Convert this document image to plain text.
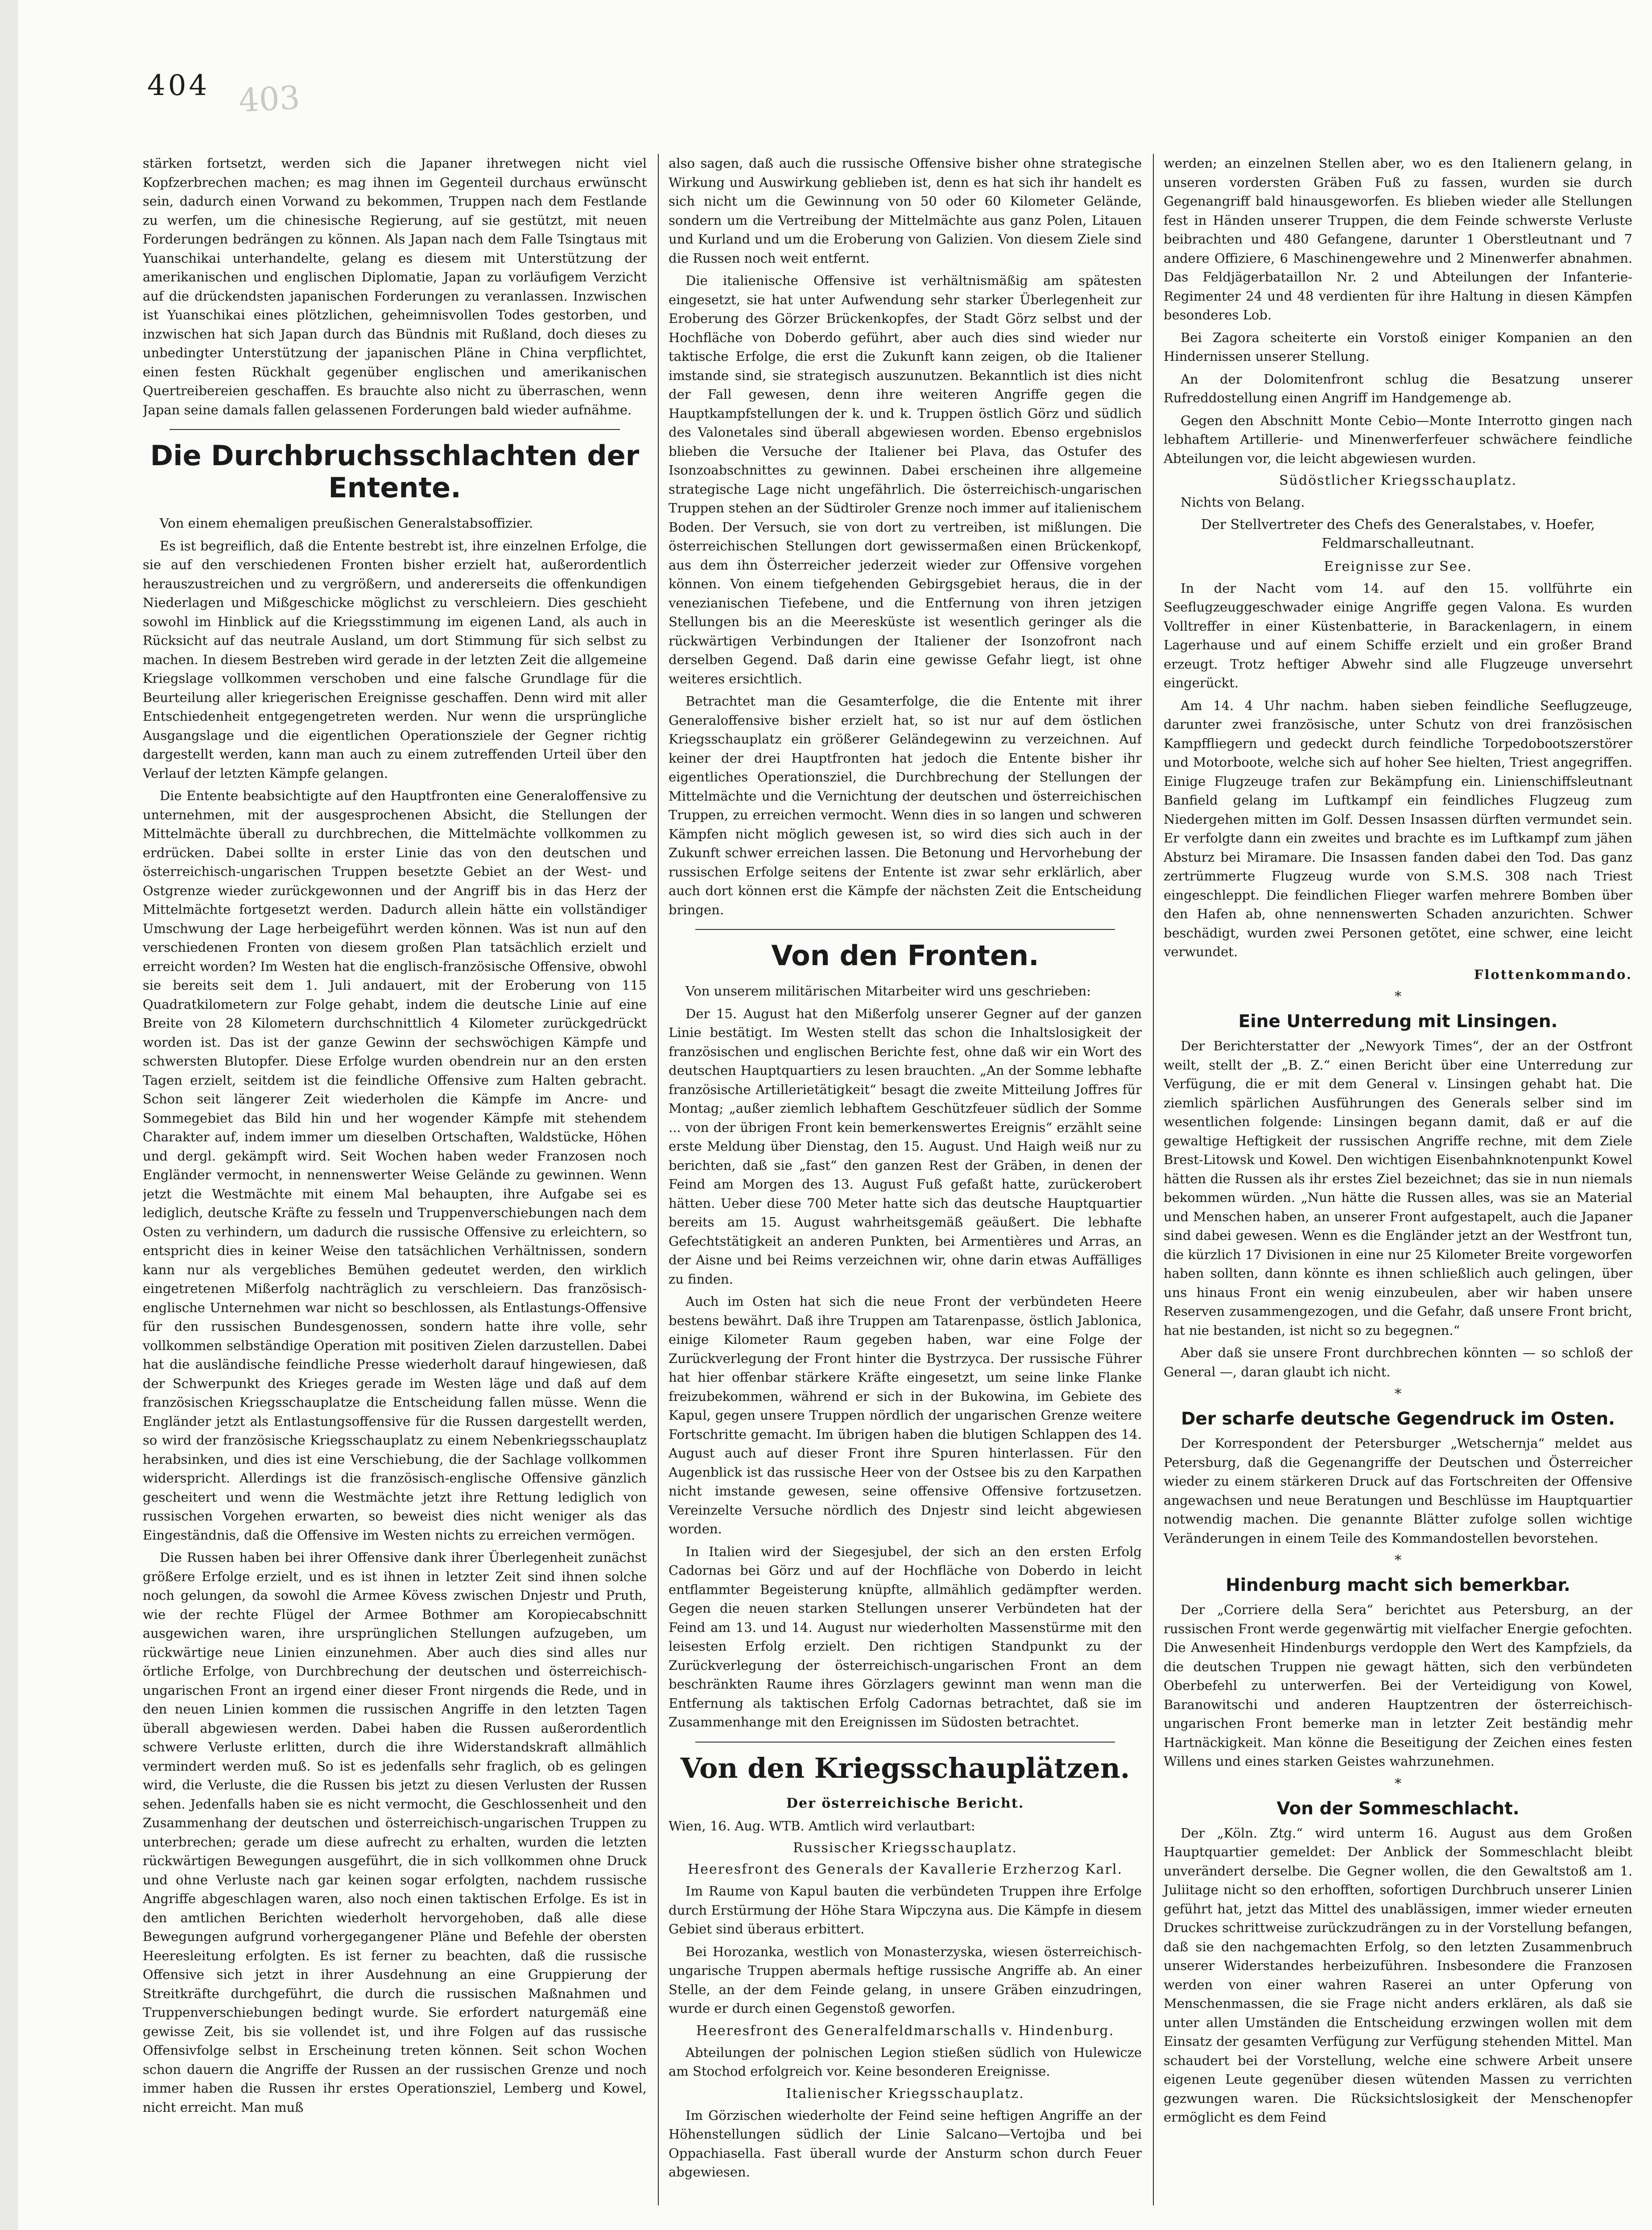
404 403

stärken fortsetzt, werden sich die Japaner ihretwegen nicht viel Kopfzerbrechen machen; es mag ihnen im Gegenteil durchaus erwünscht sein, dadurch einen Vorwand zu bekommen, Truppen nach dem Festlande zu werfen, um die chinesische Regierung, auf sie gestützt, mit neuen Forderungen bedrängen zu können. Als Japan nach dem Falle Tsingtaus mit Yuanschikai unterhandelte, gelang es diesem mit Unterstützung der amerikanischen und englischen Diplomatie, Japan zu vorläufigem Verzicht auf die drückendsten japanischen Forderungen zu veranlassen. Inzwischen ist Yuanschikai eines plötzlichen, geheimnisvollen Todes gestorben, und inzwischen hat sich Japan durch das Bündnis mit Rußland, doch dieses zu unbedingter Unterstützung der japanischen Pläne in China verpflichtet, einen festen Rückhalt gegenüber englischen und amerikanischen Quertreibereien geschaffen. Es brauchte also nicht zu überraschen, wenn Japan seine damals fallen gelassenen Forderungen bald wieder aufnähme.

Die Durchbruchsschlachten der Entente.

Von einem ehemaligen preußischen Generalstabsoffizier.

Es ist begreiflich, daß die Entente bestrebt ist, ihre einzelnen Erfolge, die sie auf den verschiedenen Fronten bisher erzielt hat, außerordentlich herauszustreichen und zu vergrößern, und andererseits die offenkundigen Niederlagen und Mißgeschicke möglichst zu verschleiern. Dies geschieht sowohl im Hinblick auf die Kriegsstimmung im eigenen Land, als auch in Rücksicht auf das neutrale Ausland, um dort Stimmung für sich selbst zu machen. In diesem Bestreben wird gerade in der letzten Zeit die allgemeine Kriegslage vollkommen verschoben und eine falsche Grundlage für die Beurteilung aller kriegerischen Ereignisse geschaffen. Denn wird mit aller Entschiedenheit entgegengetreten werden. Nur wenn die ursprüngliche Ausgangslage und die eigentlichen Operationsziele der Gegner richtig dargestellt werden, kann man auch zu einem zutreffenden Urteil über den Verlauf der letzten Kämpfe gelangen.

Die Entente beabsichtigte auf den Hauptfronten eine Generaloffensive zu unternehmen, mit der ausgesprochenen Absicht, die Stellungen der Mittelmächte überall zu durchbrechen, die Mittelmächte vollkommen zu erdrücken. Dabei sollte in erster Linie das von den deutschen und österreichisch-ungarischen Truppen besetzte Gebiet an der West- und Ostgrenze wieder zurückgewonnen und der Angriff bis in das Herz der Mittelmächte fortgesetzt werden. Dadurch allein hätte ein vollständiger Umschwung der Lage herbeigeführt werden können. Was ist nun auf den verschiedenen Fronten von diesem großen Plan tatsächlich erzielt und erreicht worden? Im Westen hat die englisch-französische Offensive, obwohl sie bereits seit dem 1. Juli andauert, mit der Eroberung von 115 Quadratkilometern zur Folge gehabt, indem die deutsche Linie auf eine Breite von 28 Kilometern durchschnittlich 4 Kilometer zurückgedrückt worden ist. Das ist der ganze Gewinn der sechswöchigen Kämpfe und schwersten Blutopfer. Diese Erfolge wurden obendrein nur an den ersten Tagen erzielt, seitdem ist die feindliche Offensive zum Halten gebracht. Schon seit längerer Zeit wiederholen die Kämpfe im Ancre- und Sommegebiet das Bild hin und her wogender Kämpfe mit stehendem Charakter auf, indem immer um dieselben Ortschaften, Waldstücke, Höhen und dergl. gekämpft wird. Seit Wochen haben weder Franzosen noch Engländer vermocht, in nennenswerter Weise Gelände zu gewinnen. Wenn jetzt die Westmächte mit einem Mal behaupten, ihre Aufgabe sei es lediglich, deutsche Kräfte zu fesseln und Truppenverschiebungen nach dem Osten zu verhindern, um dadurch die russische Offensive zu erleichtern, so entspricht dies in keiner Weise den tatsächlichen Verhältnissen, sondern kann nur als vergebliches Bemühen gedeutet werden, den wirklich eingetretenen Mißerfolg nachträglich zu verschleiern. Das französisch-englische Unternehmen war nicht so beschlossen, als Entlastungs-Offensive für den russischen Bundesgenossen, sondern hatte ihre volle, sehr vollkommen selbständige Operation mit positiven Zielen darzustellen. Dabei hat die ausländische feindliche Presse wiederholt darauf hingewiesen, daß der Schwerpunkt des Krieges gerade im Westen läge und daß auf dem französischen Kriegsschauplatze die Entscheidung fallen müsse. Wenn die Engländer jetzt als Entlastungsoffensive für die Russen dargestellt werden, so wird der französische Kriegsschauplatz zu einem Nebenkriegsschauplatz herabsinken, und dies ist eine Verschiebung, die der Sachlage vollkommen widerspricht. Allerdings ist die französisch-englische Offensive gänzlich gescheitert und wenn die Westmächte jetzt ihre Rettung lediglich von russischen Vorgehen erwarten, so beweist dies nicht weniger als das Eingeständnis, daß die Offensive im Westen nichts zu erreichen vermögen.

Die Russen haben bei ihrer Offensive dank ihrer Überlegenheit zunächst größere Erfolge erzielt, und es ist ihnen in letzter Zeit sind ihnen solche noch gelungen, da sowohl die Armee Kövess zwischen Dnjestr und Pruth, wie der rechte Flügel der Armee Bothmer am Koropiecabschnitt ausgewichen waren, ihre ursprünglichen Stellungen aufzugeben, um rückwärtige neue Linien einzunehmen. Aber auch dies sind alles nur örtliche Erfolge, von Durchbrechung der deutschen und österreichisch-ungarischen Front an irgend einer dieser Front nirgends die Rede, und in den neuen Linien kommen die russischen Angriffe in den letzten Tagen überall abgewiesen werden. Dabei haben die Russen außerordentlich schwere Verluste erlitten, durch die ihre Widerstandskraft allmählich vermindert werden muß. So ist es jedenfalls sehr fraglich, ob es gelingen wird, die Verluste, die die Russen bis jetzt zu diesen Verlusten der Russen sehen. Jedenfalls haben sie es nicht vermocht, die Geschlossenheit und den Zusammenhang der deutschen und österreichisch-ungarischen Truppen zu unterbrechen; gerade um diese aufrecht zu erhalten, wurden die letzten rückwärtigen Bewegungen ausgeführt, die in sich vollkommen ohne Druck und ohne Verluste nach gar keinen sogar erfolgten, nachdem russische Angriffe abgeschlagen waren, also noch einen taktischen Erfolge. Es ist in den amtlichen Berichten wiederholt hervorgehoben, daß alle diese Bewegungen aufgrund vorhergegangener Pläne und Befehle der obersten Heeresleitung erfolgten. Es ist ferner zu beachten, daß die russische Offensive sich jetzt in ihrer Ausdehnung an eine Gruppierung der Streitkräfte durchgeführt, die durch die russischen Maßnahmen und Truppenverschiebungen bedingt wurde. Sie erfordert naturgemäß eine gewisse Zeit, bis sie vollendet ist, und ihre Folgen auf das russische Offensivfolge selbst in Erscheinung treten können. Seit schon Wochen schon dauern die Angriffe der Russen an der russischen Grenze und noch immer haben die Russen ihr erstes Operationsziel, Lemberg und Kowel, nicht erreicht. Man muß

also sagen, daß auch die russische Offensive bisher ohne strategische Wirkung und Auswirkung geblieben ist, denn es hat sich ihr handelt es sich nicht um die Gewinnung von 50 oder 60 Kilometer Gelände, sondern um die Vertreibung der Mittelmächte aus ganz Polen, Litauen und Kurland und um die Eroberung von Galizien. Von diesem Ziele sind die Russen noch weit entfernt.

Die italienische Offensive ist verhältnismäßig am spätesten eingesetzt, sie hat unter Aufwendung sehr starker Überlegenheit zur Eroberung des Görzer Brückenkopfes, der Stadt Görz selbst und der Hochfläche von Doberdo geführt, aber auch dies sind wieder nur taktische Erfolge, die erst die Zukunft kann zeigen, ob die Italiener imstande sind, sie strategisch auszunutzen. Bekanntlich ist dies nicht der Fall gewesen, denn ihre weiteren Angriffe gegen die Hauptkampfstellungen der k. und k. Truppen östlich Görz und südlich des Valonetales sind überall abgewiesen worden. Ebenso ergebnislos blieben die Versuche der Italiener bei Plava, das Ostufer des Isonzoabschnittes zu gewinnen. Dabei erscheinen ihre allgemeine strategische Lage nicht ungefährlich. Die österreichisch-ungarischen Truppen stehen an der Südtiroler Grenze noch immer auf italienischem Boden. Der Versuch, sie von dort zu vertreiben, ist mißlungen. Die österreichischen Stellungen dort gewissermaßen einen Brückenkopf, aus dem ihn Österreicher jederzeit wieder zur Offensive vorgehen können. Von einem tiefgehenden Gebirgsgebiet heraus, die in der venezianischen Tiefebene, und die Entfernung von ihren jetzigen Stellungen bis an die Meeresküste ist wesentlich geringer als die rückwärtigen Verbindungen der Italiener der Isonzofront nach derselben Gegend. Daß darin eine gewisse Gefahr liegt, ist ohne weiteres ersichtlich.

Betrachtet man die Gesamterfolge, die die Entente mit ihrer Generaloffensive bisher erzielt hat, so ist nur auf dem östlichen Kriegsschauplatz ein größerer Geländegewinn zu verzeichnen. Auf keiner der drei Hauptfronten hat jedoch die Entente bisher ihr eigentliches Operationsziel, die Durchbrechung der Stellungen der Mittelmächte und die Vernichtung der deutschen und österreichischen Truppen, zu erreichen vermocht. Wenn dies in so langen und schweren Kämpfen nicht möglich gewesen ist, so wird dies sich auch in der Zukunft schwer erreichen lassen. Die Betonung und Hervorhebung der russischen Erfolge seitens der Entente ist zwar sehr erklärlich, aber auch dort können erst die Kämpfe der nächsten Zeit die Entscheidung bringen.

Von den Fronten.

Von unserem militärischen Mitarbeiter wird uns geschrieben:

Der 15. August hat den Mißerfolg unserer Gegner auf der ganzen Linie bestätigt. Im Westen stellt das schon die Inhaltslosigkeit der französischen und englischen Berichte fest, ohne daß wir ein Wort des deutschen Hauptquartiers zu lesen brauchten. „An der Somme lebhafte französische Artillerietätigkeit“ besagt die zweite Mitteilung Joffres für Montag; „außer ziemlich lebhaftem Geschützfeuer südlich der Somme ... von der übrigen Front kein bemerkenswertes Ereignis“ erzählt seine erste Meldung über Dienstag, den 15. August. Und Haigh weiß nur zu berichten, daß sie „fast“ den ganzen Rest der Gräben, in denen der Feind am Morgen des 13. August Fuß gefaßt hatte, zurückerobert hätten. Ueber diese 700 Meter hatte sich das deutsche Hauptquartier bereits am 15. August wahrheitsgemäß geäußert. Die lebhafte Gefechtstätigkeit an anderen Punkten, bei Armentières und Arras, an der Aisne und bei Reims verzeichnen wir, ohne darin etwas Auffälliges zu finden.

Auch im Osten hat sich die neue Front der verbündeten Heere bestens bewährt. Daß ihre Truppen am Tatarenpasse, östlich Jablonica, einige Kilometer Raum gegeben haben, war eine Folge der Zurückverlegung der Front hinter die Bystrzyca. Der russische Führer hat hier offenbar stärkere Kräfte eingesetzt, um seine linke Flanke freizubekommen, während er sich in der Bukowina, im Gebiete des Kapul, gegen unsere Truppen nördlich der ungarischen Grenze weitere Fortschritte gemacht. Im übrigen haben die blutigen Schlappen des 14. August auch auf dieser Front ihre Spuren hinterlassen. Für den Augenblick ist das russische Heer von der Ostsee bis zu den Karpathen nicht imstande gewesen, seine offensive Offensive fortzusetzen. Vereinzelte Versuche nördlich des Dnjestr sind leicht abgewiesen worden.

In Italien wird der Siegesjubel, der sich an den ersten Erfolg Cadornas bei Görz und auf der Hochfläche von Doberdo in leicht entflammter Begeisterung knüpfte, allmählich gedämpfter werden. Gegen die neuen starken Stellungen unserer Verbündeten hat der Feind am 13. und 14. August nur wiederholten Massenstürme mit den leisesten Erfolg erzielt. Den richtigen Standpunkt zu der Zurückverlegung der österreichisch-ungarischen Front an dem beschränkten Raume ihres Görzlagers gewinnt man wenn man die Entfernung als taktischen Erfolg Cadornas betrachtet, daß sie im Zusammenhange mit den Ereignissen im Südosten betrachtet.

Von den Kriegsschauplätzen.
Der österreichische Bericht.

Wien, 16. Aug. WTB. Amtlich wird verlautbart:

Russischer Kriegsschauplatz.
Heeresfront des Generals der Kavallerie Erzherzog Karl.

Im Raume von Kapul bauten die verbündeten Truppen ihre Erfolge durch Erstürmung der Höhe Stara Wipczyna aus. Die Kämpfe in diesem Gebiet sind überaus erbittert.

Bei Horozanka, westlich von Monasterzyska, wiesen österreichisch-ungarische Truppen abermals heftige russische Angriffe ab. An einer Stelle, an der dem Feinde gelang, in unsere Gräben einzudringen, wurde er durch einen Gegenstoß geworfen.

Heeresfront des Generalfeldmarschalls v. Hindenburg.

Abteilungen der polnischen Legion stießen südlich von Hulewicze am Stochod erfolgreich vor. Keine besonderen Ereignisse.

Italienischer Kriegsschauplatz.

Im Görzischen wiederholte der Feind seine heftigen Angriffe an der Höhenstellungen südlich der Linie Salcano—Vertojba und bei Oppachiasella. Fast überall wurde der Ansturm schon durch Feuer abgewiesen.

werden; an einzelnen Stellen aber, wo es den Italienern gelang, in unseren vordersten Gräben Fuß zu fassen, wurden sie durch Gegenangriff bald hinausgeworfen. Es blieben wieder alle Stellungen fest in Händen unserer Truppen, die dem Feinde schwerste Verluste beibrachten und 480 Gefangene, darunter 1 Oberstleutnant und 7 andere Offiziere, 6 Maschinengewehre und 2 Minenwerfer abnahmen. Das Feldjägerbataillon Nr. 2 und Abteilungen der Infanterie-Regimenter 24 und 48 verdienten für ihre Haltung in diesen Kämpfen besonderes Lob.

Bei Zagora scheiterte ein Vorstoß einiger Kompanien an den Hindernissen unserer Stellung.

An der Dolomitenfront schlug die Besatzung unserer Rufreddostellung einen Angriff im Handgemenge ab.

Gegen den Abschnitt Monte Cebio—Monte Interrotto gingen nach lebhaftem Artillerie- und Minenwerferfeuer schwächere feindliche Abteilungen vor, die leicht abgewiesen wurden.

Südöstlicher Kriegsschauplatz.

Nichts von Belang.

Der Stellvertreter des Chefs des Generalstabes, v. Hoefer, Feldmarschalleutnant.
Ereignisse zur See.

In der Nacht vom 14. auf den 15. vollführte ein Seeflugzeuggeschwader einige Angriffe gegen Valona. Es wurden Volltreffer in einer Küstenbatterie, in Barackenlagern, in einem Lagerhause und auf einem Schiffe erzielt und ein großer Brand erzeugt. Trotz heftiger Abwehr sind alle Flugzeuge unversehrt eingerückt.

Am 14. 4 Uhr nachm. haben sieben feindliche Seeflugzeuge, darunter zwei französische, unter Schutz von drei französischen Kampffliegern und gedeckt durch feindliche Torpedobootszerstörer und Motorboote, welche sich auf hoher See hielten, Triest angegriffen. Einige Flugzeuge trafen zur Bekämpfung ein. Linienschiffsleutnant Banfield gelang im Luftkampf ein feindliches Flugzeug zum Niedergehen mitten im Golf. Dessen Insassen dürften vermundet sein. Er verfolgte dann ein zweites und brachte es im Luftkampf zum jähen Absturz bei Miramare. Die Insassen fanden dabei den Tod. Das ganz zertrümmerte Flugzeug wurde von S.M.S. 308 nach Triest eingeschleppt. Die feindlichen Flieger warfen mehrere Bomben über den Hafen ab, ohne nennenswerten Schaden anzurichten. Schwer beschädigt, wurden zwei Personen getötet, eine schwer, eine leicht verwundet.

Flottenkommando.

*
Eine Unterredung mit Linsingen.

Der Berichterstatter der „Newyork Times“, der an der Ostfront weilt, stellt der „B. Z.“ einen Bericht über eine Unterredung zur Verfügung, die er mit dem General v. Linsingen gehabt hat. Die ziemlich spärlichen Ausführungen des Generals selber sind im wesentlichen folgende: Linsingen begann damit, daß er auf die gewaltige Heftigkeit der russischen Angriffe rechne, mit dem Ziele Brest-Litowsk und Kowel. Den wichtigen Eisenbahnknotenpunkt Kowel hätten die Russen als ihr erstes Ziel bezeichnet; das sie in nun niemals bekommen würden. „Nun hätte die Russen alles, was sie an Material und Menschen haben, an unserer Front aufgestapelt, auch die Japaner sind dabei gewesen. Wenn es die Engländer jetzt an der Westfront tun, die kürzlich 17 Divisionen in eine nur 25 Kilometer Breite vorgeworfen haben sollten, dann könnte es ihnen schließlich auch gelingen, über uns hinaus Front ein wenig einzubeulen, aber wir haben unsere Reserven zusammengezogen, und die Gefahr, daß unsere Front bricht, hat nie bestanden, ist nicht so zu begegnen.“

Aber daß sie unsere Front durchbrechen könnten — so schloß der General —, daran glaubt ich nicht.

*
Der scharfe deutsche Gegendruck im Osten.

Der Korrespondent der Petersburger „Wetschernja“ meldet aus Petersburg, daß die Gegenangriffe der Deutschen und Österreicher wieder zu einem stärkeren Druck auf das Fortschreiten der Offensive angewachsen und neue Beratungen und Beschlüsse im Hauptquartier notwendig machen. Die genannte Blätter zufolge sollen wichtige Veränderungen in einem Teile des Kommandostellen bevorstehen.

*
Hindenburg macht sich bemerkbar.

Der „Corriere della Sera“ berichtet aus Petersburg, an der russischen Front werde gegenwärtig mit vielfacher Energie gefochten. Die Anwesenheit Hindenburgs verdopple den Wert des Kampfziels, da die deutschen Truppen nie gewagt hätten, sich den verbündeten Oberbefehl zu unterwerfen. Bei der Verteidigung von Kowel, Baranowitschi und anderen Hauptzentren der österreichisch-ungarischen Front bemerke man in letzter Zeit beständig mehr Hartnäckigkeit. Man könne die Beseitigung der Zeichen eines festen Willens und eines starken Geistes wahrzunehmen.

*
Von der Sommeschlacht.

Der „Köln. Ztg.“ wird unterm 16. August aus dem Großen Hauptquartier gemeldet: Der Anblick der Sommeschlacht bleibt unverändert derselbe. Die Gegner wollen, die den Gewaltstoß am 1. Juliitage nicht so den erhofften, sofortigen Durchbruch unserer Linien geführt hat, jetzt das Mittel des unablässigen, immer wieder erneuten Druckes schrittweise zurückzudrängen zu in der Vorstellung befangen, daß sie den nachgemachten Erfolg, so den letzten Zusammenbruch unserer Widerstandes herbeizuführen. Insbesondere die Franzosen werden von einer wahren Raserei an unter Opferung von Menschenmassen, die sie Frage nicht anders erklären, als daß sie unter allen Umständen die Entscheidung erzwingen wollen mit dem Einsatz der gesamten Verfügung zur Verfügung stehenden Mittel. Man schaudert bei der Vorstellung, welche eine schwere Arbeit unsere eigenen Leute gegenüber diesen wütenden Massen zu verrichten gezwungen waren. Die Rücksichtslosigkeit der Menschenopfer ermöglicht es dem Feind
